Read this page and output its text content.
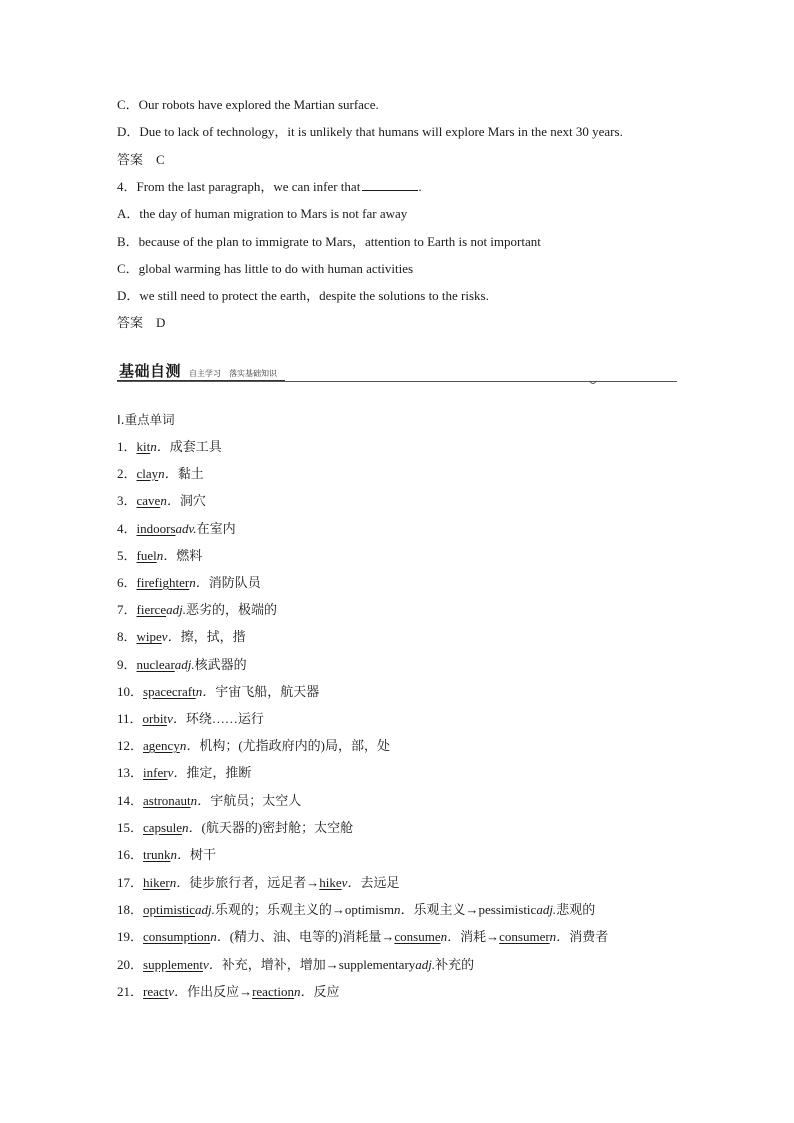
C．Our robots have explored the Martian surface.
D．Due to lack of technology，it is unlikely that humans will explore Mars in the next 30 years.
答案　C
4．From the last paragraph，we can infer that	.
A．the day of human migration to Mars is not far away
B．because of the plan to immigrate to Mars，attention to Earth is not important
C．global warming has little to do with human activities
D．we still need to protect the earth，despite the solutions to the risks.
答案　D
基础自测 自主学习　落实基础知识
Ⅰ.重点单词
1．kitn．成套工具
2．clayn．黏土
3．caven．洞穴
4．indoorsadv.在室内
5．fueln．燃料
6．firefightern．消防队员
7．fierceadj.恶劣的，极端的
8．wipev．擦，拭，揩
9．nuclearadj.核武器的
10．spacecraftn．宇宙飞船，航天器
11．orbitv．环绕……运行
12．agencyn．机构；(尤指政府内的)局，部，处
13．inferv．推定，推断
14．astronautn．宇航员；太空人
15．capsulen．(航天器的)密封舱；太空舱
16．trunkn．树干
17．hikern．徒步旅行者，远足者→hikev．去远足
18．optimisticadj.乐观的；乐观主义的→optimismn．乐观主义→pessimisticadj.悲观的
19．consumptionn．(精力、油、电等的)消耗量→consumen．消耗→consumern．消费者
20．supplementv．补充，增补，增加→supplementaryadj.补充的
21．reactv．作出反应→reactionn．反应
